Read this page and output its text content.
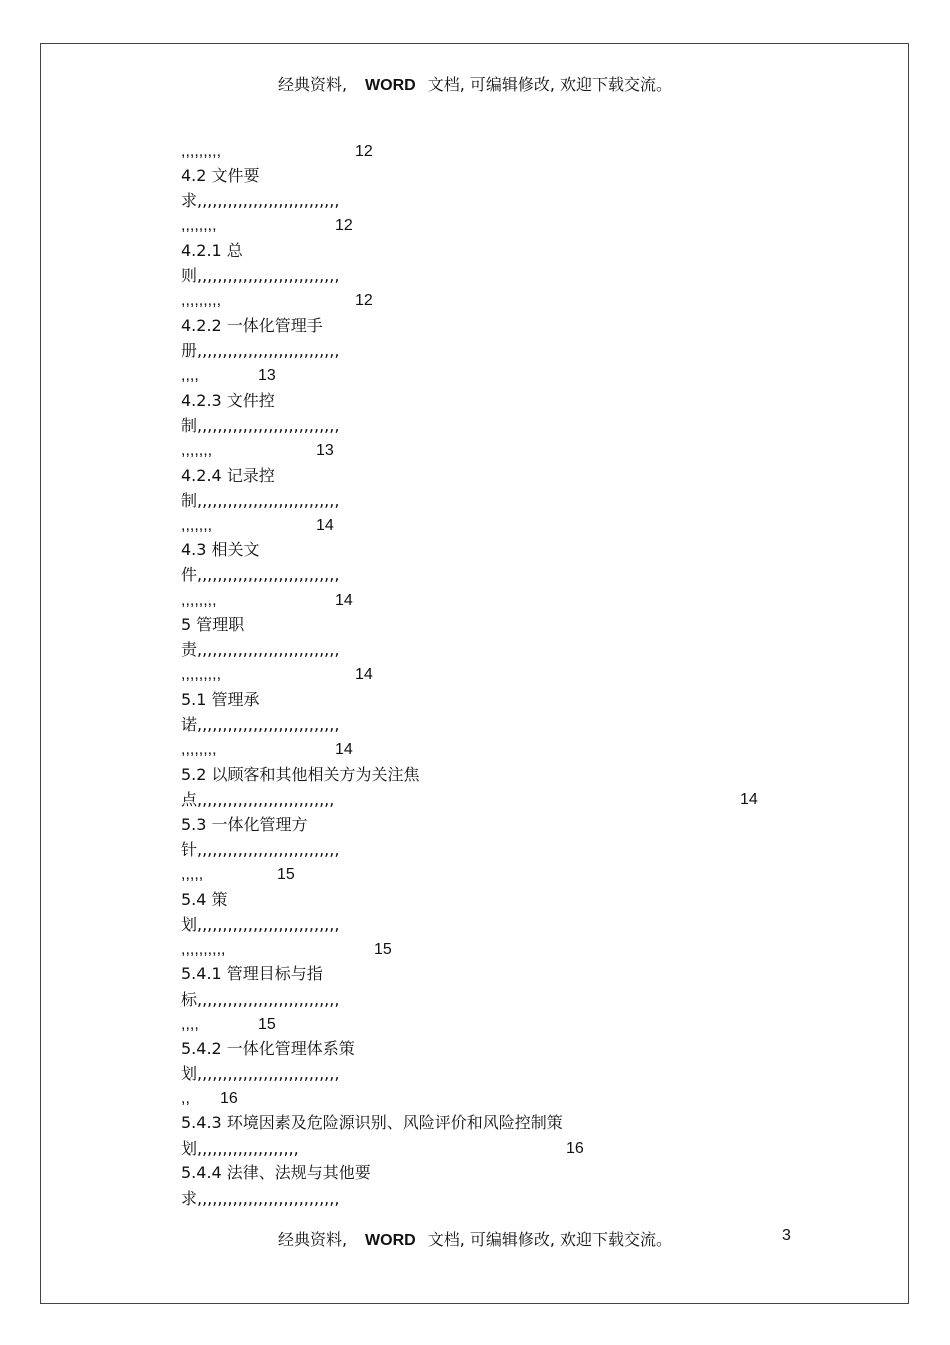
经典资料, WORD 文档, 可编辑修改, 欢迎下载交流。
,,,,,,,,,	12
4.2 文件要
求,,,,,,,,,,,,,,,,,,,,,,,,,,,,
,,,,,,,,	12
4.2.1 总
则,,,,,,,,,,,,,,,,,,,,,,,,,,,,
,,,,,,,,,	12
4.2.2 一体化管理手
册,,,,,,,,,,,,,,,,,,,,,,,,,,,,
,,,,	13
4.2.3 文件控
制,,,,,,,,,,,,,,,,,,,,,,,,,,,,
,,,,,,,	13
4.2.4 记录控
制,,,,,,,,,,,,,,,,,,,,,,,,,,,,
,,,,,,,	14
4.3 相关文
件,,,,,,,,,,,,,,,,,,,,,,,,,,,,
,,,,,,,,	14
5 管理职
责,,,,,,,,,,,,,,,,,,,,,,,,,,,,
,,,,,,,,,	14
5.1 管理承
诺,,,,,,,,,,,,,,,,,,,,,,,,,,,,
,,,,,,,,	14
5.2 以顾客和其他相关方为关注焦
点,,,,,,,,,,,,,,,,,,,,,,,,,,,	14
5.3 一体化管理方
针,,,,,,,,,,,,,,,,,,,,,,,,,,,,
,,,,,	15
5.4 策
划,,,,,,,,,,,,,,,,,,,,,,,,,,,,
,,,,,,,,,,	15
5.4.1 管理目标与指
标,,,,,,,,,,,,,,,,,,,,,,,,,,,,
,,,,	15
5.4.2 一体化管理体系策
划,,,,,,,,,,,,,,,,,,,,,,,,,,,,
,, 16
5.4.3 环境因素及危险源识别、风险评价和风险控制策
划,,,,,,,,,,,,,,,,,,,,	16
5.4.4 法律、法规与其他要
求,,,,,,,,,,,,,,,,,,,,,,,,,,,,
经典资料, WORD 文档, 可编辑修改, 欢迎下载交流。	3
